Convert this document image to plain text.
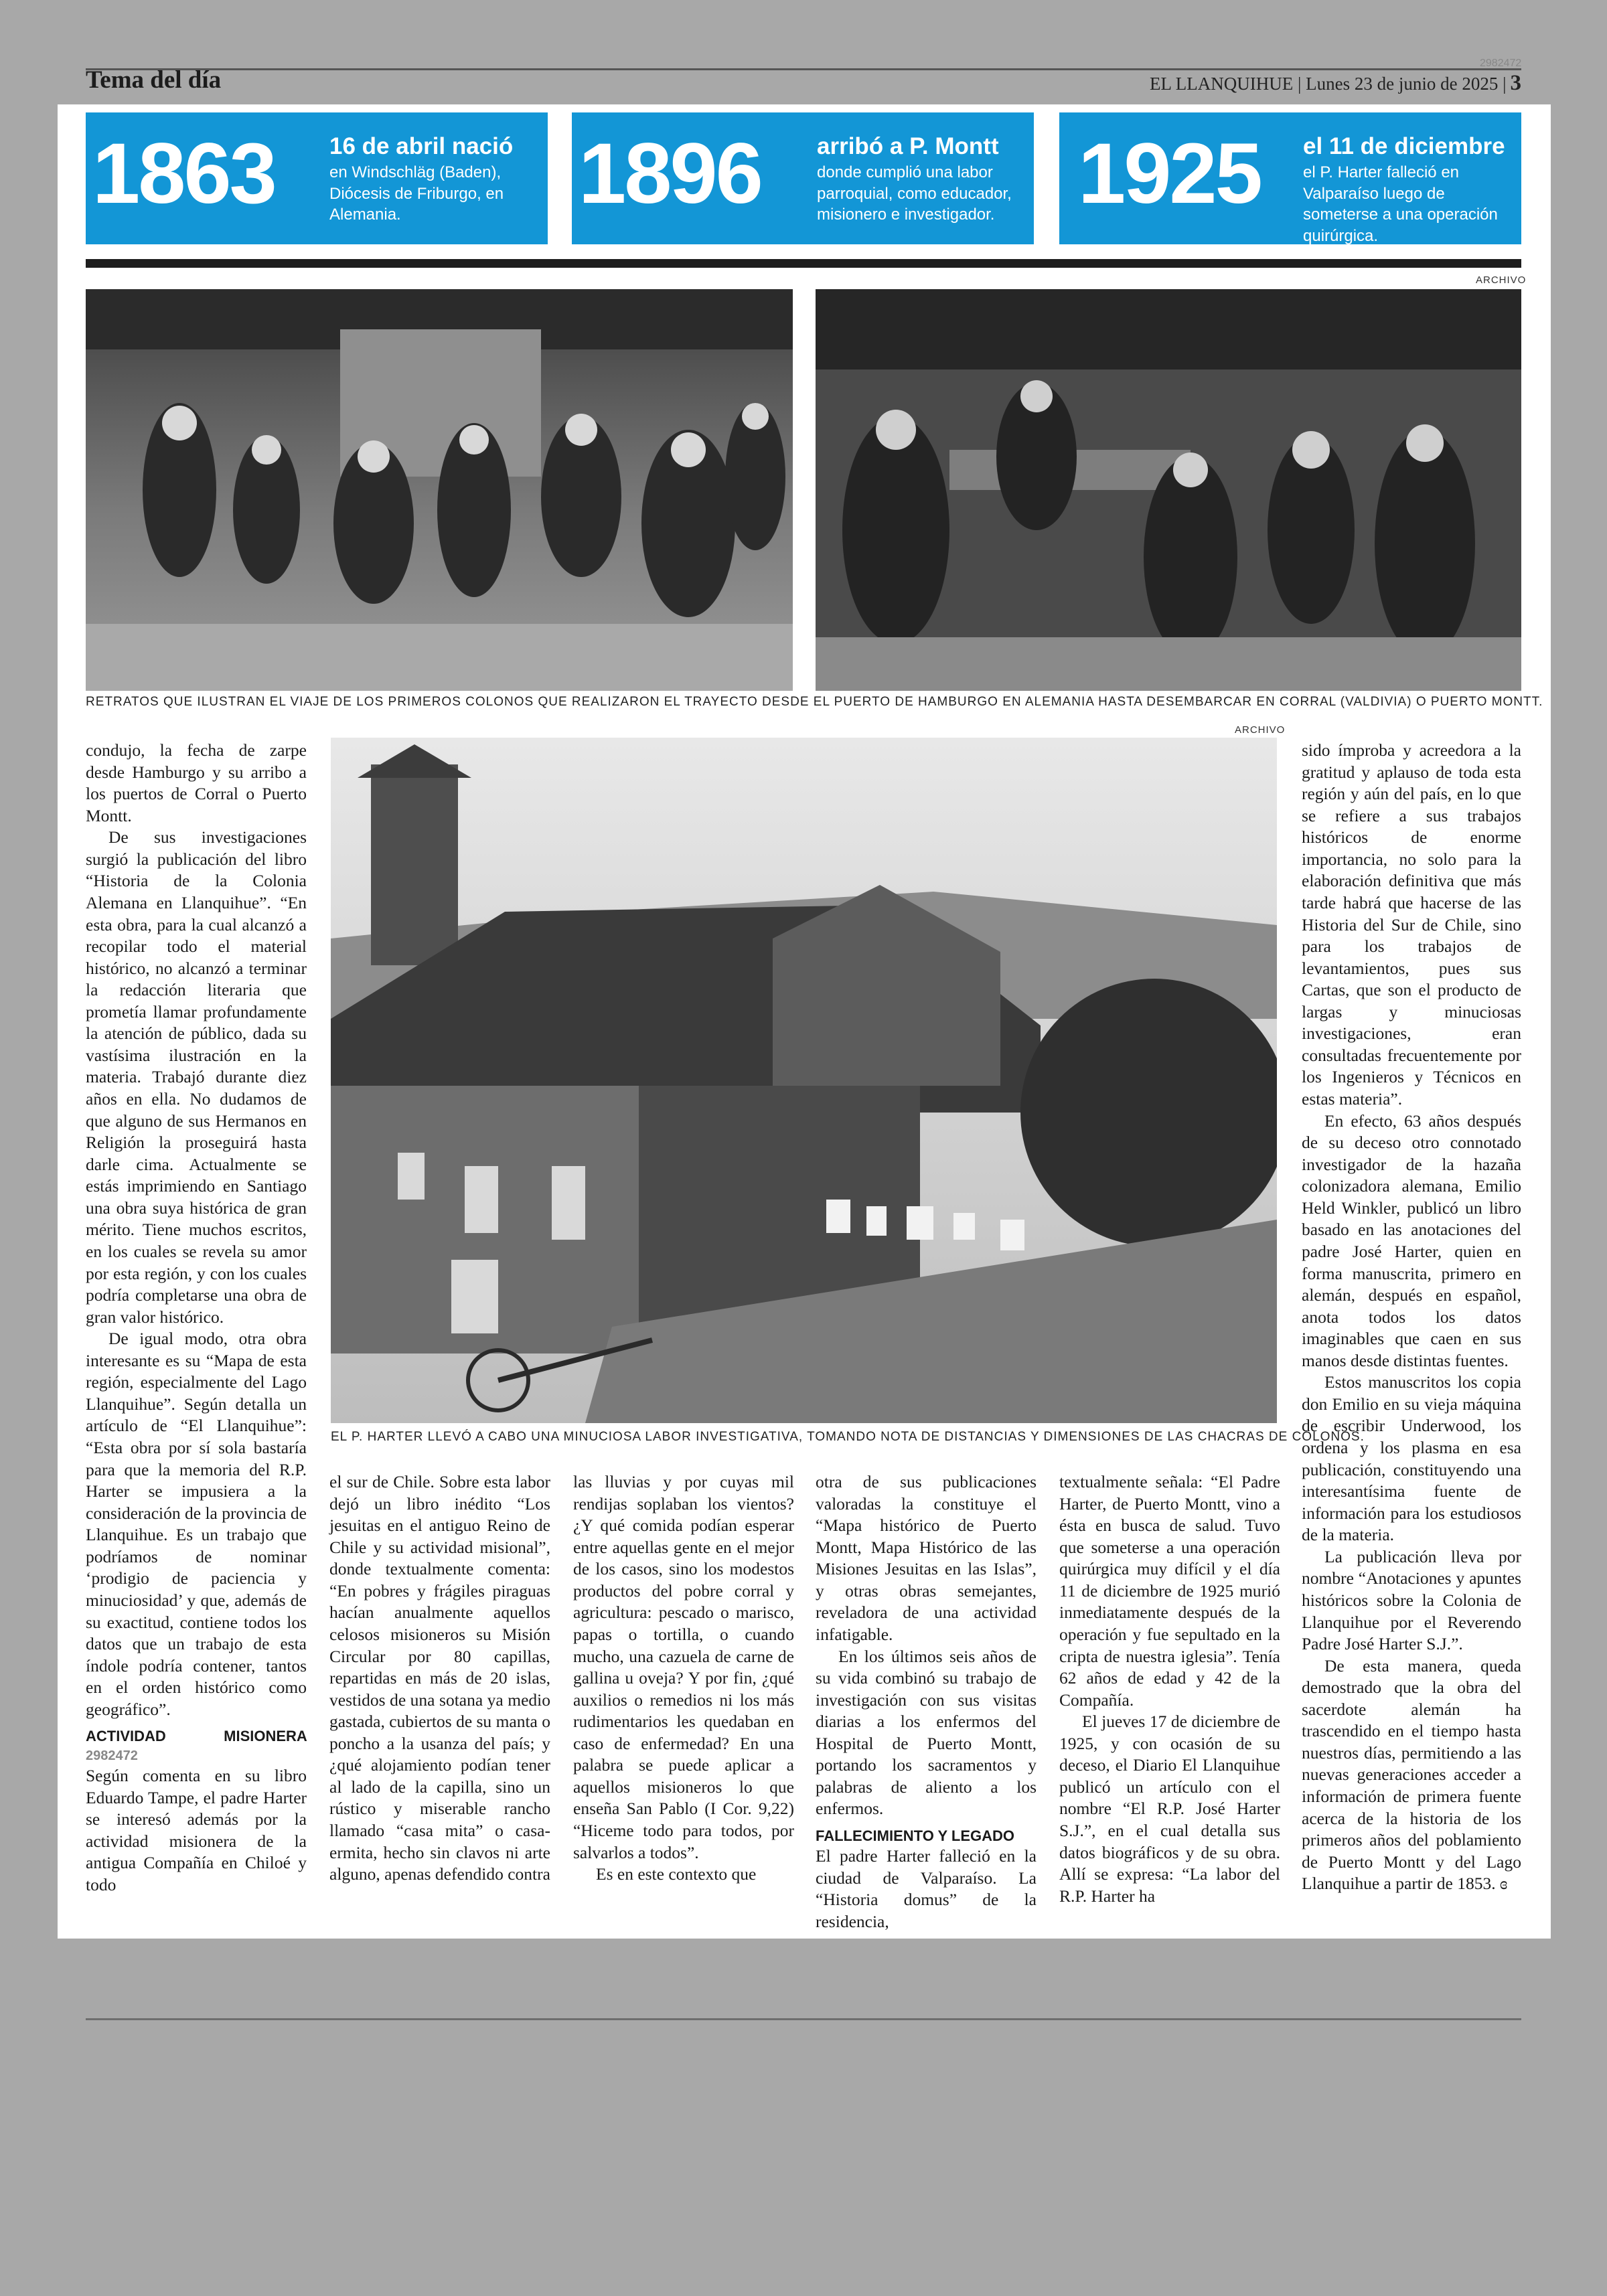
Tema del día
2982472
EL LLANQUIHUE | Lunes 23 de junio de 2025 | 3
1863 16 de abril nació
en Windschläg (Baden), Diócesis de Friburgo, en Alemania.	1896 arribó a P. Montt
donde cumplió una labor parroquial, como educador, misionero e investigador. 1925 el 11 de diciembre
el P. Harter falleció en Valparaíso luego de someterse a una operación quirúrgica.
ARCHIVO
RETRATOS QUE ILUSTRAN EL VIAJE DE LOS PRIMEROS COLONOS QUE REALIZARON EL TRAYECTO DESDE EL PUERTO DE HAMBURGO EN ALEMANIA HASTA DESEMBARCAR EN CORRAL (VALDIVIA) O PUERTO MONTT.
ARCHIVO
EL P. HARTER LLEVÓ A CABO UNA MINUCIOSA LABOR INVESTIGATIVA, TOMANDO NOTA DE DISTANCIAS Y DIMENSIONES DE LAS CHACRAS DE COLONOS.

condujo, la fecha de zarpe desde Hamburgo y su arribo a los puertos de Corral o Puerto Montt.

De sus investigaciones surgió la publicación del libro “Historia de la Colonia Alemana en Llanquihue”. “En esta obra, para la cual alcanzó a recopilar todo el material histórico, no alcanzó a terminar la redacción literaria que prometía llamar profundamente la atención de público, dada su vastísima ilustración en la materia. Trabajó durante diez años en ella. No dudamos de que alguno de sus Hermanos en Religión la proseguirá hasta darle cima. Actualmente se estás imprimiendo en Santiago una obra suya histórica de gran mérito. Tiene muchos escritos, en los cuales se revela su amor por esta región, y con los cuales podría completarse una obra de gran valor histórico.

De igual modo, otra obra interesante es su “Mapa de esta región, especialmente del Lago Llanquihue”. Según detalla un artículo de “El Llanquihue”: “Esta obra por sí sola bastaría para que la memoria del R.P. Harter se impusiera a la consideración de la provincia de Llanquihue. Es un trabajo que podríamos de nominar ‘prodigio de paciencia y minuciosidad’ y que, además de su exactitud, contiene todos los datos que un trabajo de esta índole podría contener, tantos en el orden histórico como geográfico”.

ACTIVIDAD MISIONERA 2982472

Según comenta en su libro Eduardo Tampe, el padre Harter se interesó además por la actividad misionera de la antigua Compañía en Chiloé y todo

el sur de Chile. Sobre esta labor dejó un libro inédito “Los jesuitas en el antiguo Reino de Chile y su actividad misional”, donde textualmente comenta: “En pobres y frágiles piraguas hacían anualmente aquellos celosos misioneros su Misión Circular por 80 capillas, repartidas en más de 20 islas, vestidos de una sotana ya medio gastada, cubiertos de su manta o poncho a la usanza del país; y ¿qué alojamiento podían tener al lado de la capilla, sino un rústico y miserable rancho llamado “casa mita” o casa-ermita, hecho sin clavos ni arte alguno, apenas defendido contra

las lluvias y por cuyas mil rendijas soplaban los vientos? ¿Y qué comida podían esperar entre aquellas gente en el mejor de los casos, sino los modestos productos del pobre corral y agricultura: pescado o marisco, papas o tortilla, o cuando mucho, una cazuela de carne de gallina u oveja? Y por fin, ¿qué auxilios o remedios ni los más rudimentarios les quedaban en caso de enfermedad? En una palabra se puede aplicar a aquellos misioneros lo que enseña San Pablo (I Cor. 9,22) “Hiceme todo para todos, por salvarlos a todos”.

Es en este contexto que

otra de sus publicaciones valoradas la constituye el “Mapa histórico de Puerto Montt, Mapa Histórico de las Misiones Jesuitas en las Islas”, y otras obras semejantes, reveladora de una actividad infatigable.

En los últimos seis años de su vida combinó su trabajo de investigación con sus visitas diarias a los enfermos del Hospital de Puerto Montt, portando los sacramentos y palabras de aliento a los enfermos.

FALLECIMIENTO Y LEGADO

El padre Harter falleció en la ciudad de Valparaíso. La “Historia domus” de la residencia,

textualmente señala: “El Padre Harter, de Puerto Montt, vino a ésta en busca de salud. Tuvo que someterse a una operación quirúrgica muy difícil y el día 11 de diciembre de 1925 murió inmediatamente después de la operación y fue sepultado en la cripta de nuestra iglesia”. Tenía 62 años de edad y 42 de la Compañía.

El jueves 17 de diciembre de 1925, y con ocasión de su deceso, el Diario El Llanquihue publicó un artículo con el nombre “El R.P. José Harter S.J.”, en el cual detalla sus datos biográficos y de su obra. Allí se expresa: “La labor del R.P. Harter ha

sido ímproba y acreedora a la gratitud y aplauso de toda esta región y aún del país, en lo que se refiere a sus trabajos históricos de enorme importancia, no solo para la elaboración definitiva que más tarde habrá que hacerse de las Historia del Sur de Chile, sino para los trabajos de levantamientos, pues sus Cartas, que son el producto de largas y minuciosas investigaciones, eran consultadas frecuentemente por los Ingenieros y Técnicos en estas materia”.

En efecto, 63 años después de su deceso otro connotado investigador de la hazaña colonizadora alemana, Emilio Held Winkler, publicó un libro basado en las anotaciones del padre José Harter, quien en forma manuscrita, primero en alemán, después en español, anota todos los datos imaginables que caen en sus manos desde distintas fuentes.

Estos manuscritos los copia don Emilio en su vieja máquina de escribir Underwood, los ordena y los plasma en esa publicación, constituyendo una interesantísima fuente de información para los estudiosos de la materia.

La publicación lleva por nombre “Anotaciones y apuntes históricos sobre la Colonia de Llanquihue por el Reverendo Padre José Harter S.J.”.

De esta manera, queda demostrado que la obra del sacerdote alemán ha trascendido en el tiempo hasta nuestros días, permitiendo a las nuevas generaciones acceder a información de primera fuente acerca de la historia de los primeros años del poblamiento de Puerto Montt y del Lago Llanquihue a partir de 1853. ɞ
